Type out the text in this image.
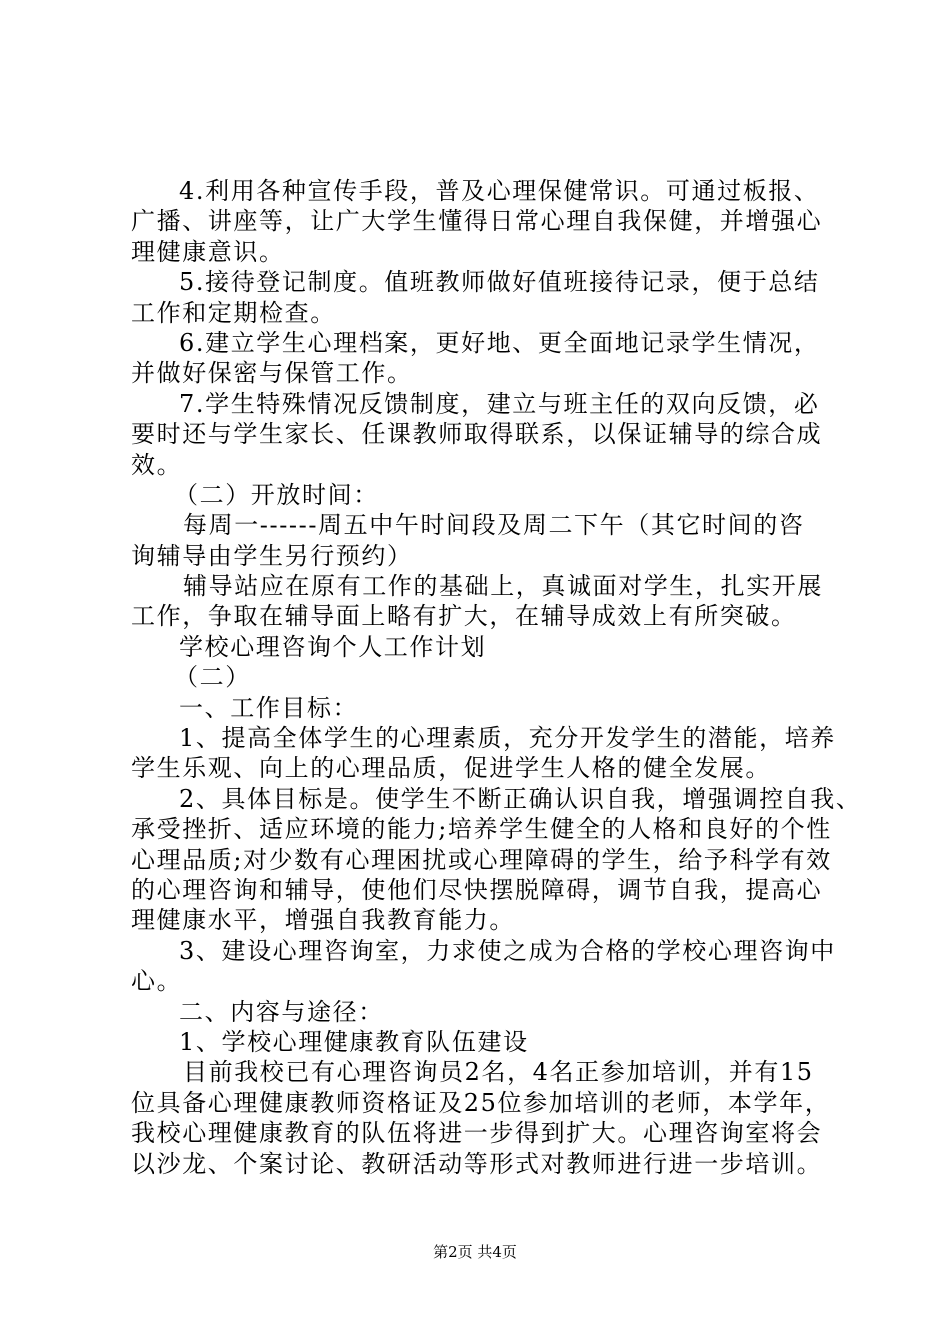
4.利用各种宣传手段，普及心理保健常识。可通过板报、
广播、讲座等，让广大学生懂得日常心理自我保健，并增强心
理健康意识。
5.接待登记制度。值班教师做好值班接待记录，便于总结
工作和定期检查。
6.建立学生心理档案，更好地、更全面地记录学生情况，
并做好保密与保管工作。
7.学生特殊情况反馈制度，建立与班主任的双向反馈，必
要时还与学生家长、任课教师取得联系，以保证辅导的综合成
效。
（二）开放时间：
每周一------周五中午时间段及周二下午（其它时间的咨
询辅导由学生另行预约）
辅导站应在原有工作的基础上，真诚面对学生，扎实开展
工作，争取在辅导面上略有扩大，在辅导成效上有所突破。
学校心理咨询个人工作计划
（二）
一、工作目标：
1、提高全体学生的心理素质，充分开发学生的潜能，培养
学生乐观、向上的心理品质，促进学生人格的健全发展。
2、具体目标是。使学生不断正确认识自我，增强调控自我、
承受挫折、适应环境的能力;培养学生健全的人格和良好的个性
心理品质;对少数有心理困扰或心理障碍的学生，给予科学有效
的心理咨询和辅导，使他们尽快摆脱障碍，调节自我，提高心
理健康水平，增强自我教育能力。
3、建设心理咨询室，力求使之成为合格的学校心理咨询中
心。
二、内容与途径：
1、学校心理健康教育队伍建设
目前我校已有心理咨询员2名，4名正参加培训，并有15
位具备心理健康教师资格证及25位参加培训的老师，本学年，
我校心理健康教育的队伍将进一步得到扩大。心理咨询室将会
以沙龙、个案讨论、教研活动等形式对教师进行进一步培训。
第2页 共4页
